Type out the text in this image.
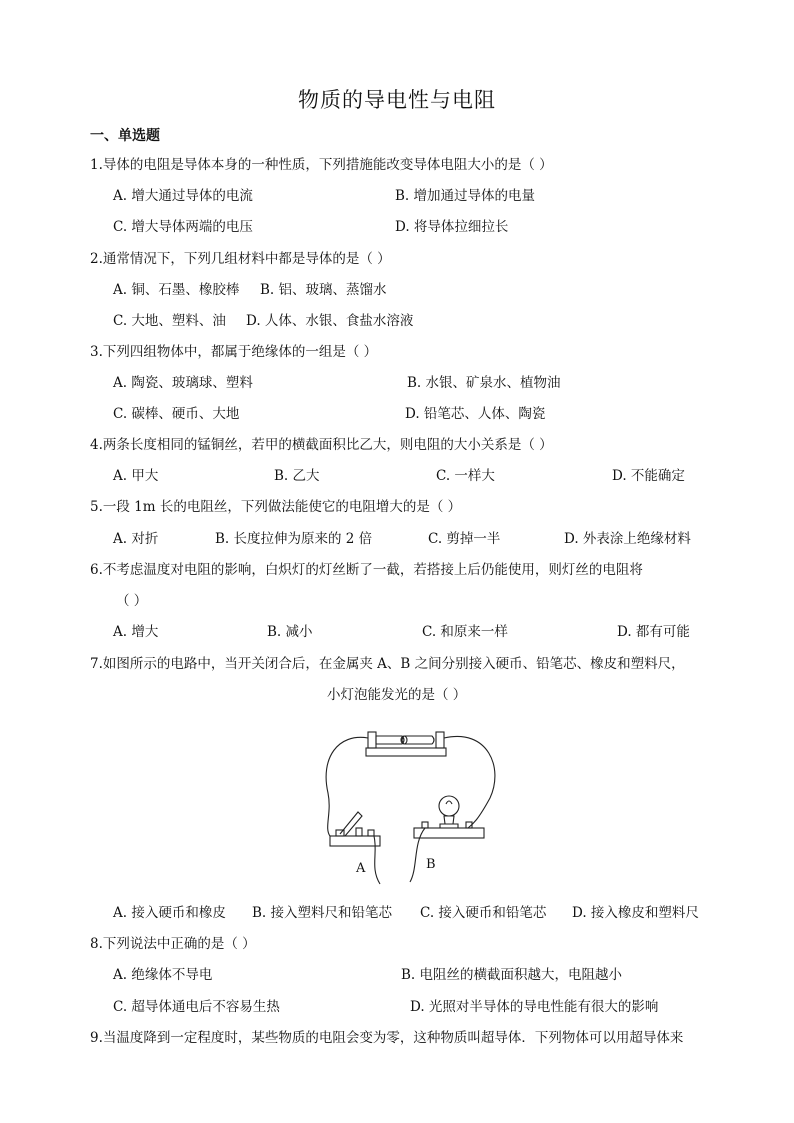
物质的导电性与电阻
一、单选题
1.导体的电阻是导体本身的一种性质，下列措施能改变导体电阻大小的是（ ）
A. 增大通过导体的电流	B. 增加通过导体的电量
C. 增大导体两端的电压	D. 将导体拉细拉长
2.通常情况下，下列几组材料中都是导体的是（ ）
A. 铜、石墨、橡胶棒 B. 铝、玻璃、蒸馏水
C. 大地、塑料、油 D. 人体、水银、食盐水溶液
3.下列四组物体中，都属于绝缘体的一组是（ ）
A. 陶瓷、玻璃球、塑料	B. 水银、矿泉水、植物油
C. 碳棒、硬币、大地	D. 铅笔芯、人体、陶瓷
4.两条长度相同的锰铜丝，若甲的横截面积比乙大，则电阻的大小关系是（ ）
A. 甲大	B. 乙大	C. 一样大	D. 不能确定
5.一段 1m 长的电阻丝，下列做法能使它的电阻增大的是（ ）
A. 对折	B. 长度拉伸为原来的 2 倍	C. 剪掉一半	D. 外表涂上绝缘材料
6.不考虑温度对电阻的影响，白炽灯的灯丝断了一截，若搭接上后仍能使用，则灯丝的电阻将
（ ）
A. 增大	B. 减小	C. 和原来一样	D. 都有可能
7.如图所示的电路中，当开关闭合后，在金属夹 A、B 之间分别接入硬币、铅笔芯、橡皮和塑料尺，
小灯泡能发光的是（ ）
A	B
A. 接入硬币和橡皮 B. 接入塑料尺和铅笔芯 C. 接入硬币和铅笔芯 D. 接入橡皮和塑料尺
8.下列说法中正确的是（ ）
A. 绝缘体不导电	B. 电阻丝的横截面积越大，电阻越小
C. 超导体通电后不容易生热	D. 光照对半导体的导电性能有很大的影响
9.当温度降到一定程度时，某些物质的电阻会变为零，这种物质叫超导体．下列物体可以用超导体来
